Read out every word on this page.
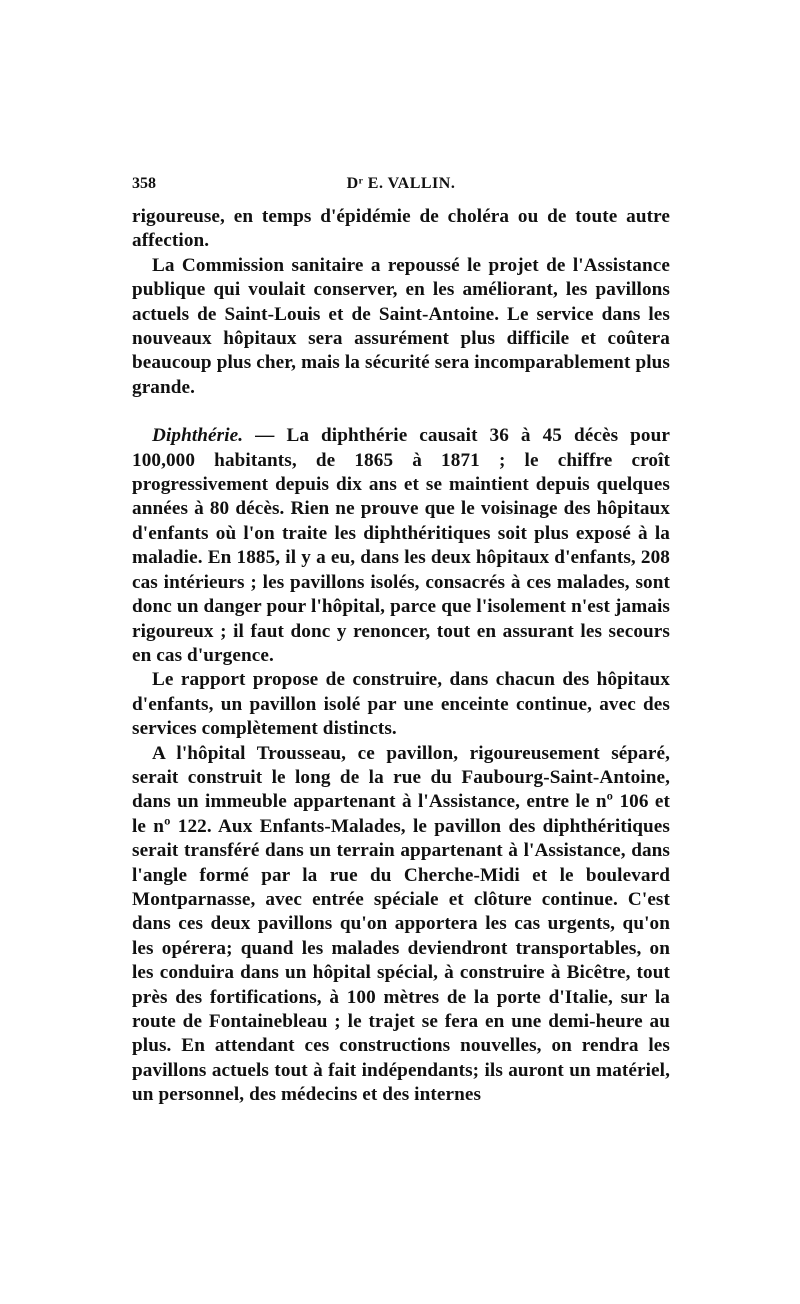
358	Dʳ E. VALLIN.

rigoureuse, en temps d'épidémie de choléra ou de toute autre affection.

La Commission sanitaire a repoussé le projet de l'Assistance publique qui voulait conserver, en les améliorant, les pavillons actuels de Saint-Louis et de Saint-Antoine. Le service dans les nouveaux hôpitaux sera assurément plus difficile et coûtera beaucoup plus cher, mais la sécurité sera incomparablement plus grande.

Diphthérie. — La diphthérie causait 36 à 45 décès pour 100,000 habitants, de 1865 à 1871 ; le chiffre croît progressivement depuis dix ans et se maintient depuis quelques années à 80 décès. Rien ne prouve que le voisinage des hôpitaux d'enfants où l'on traite les diphthéritiques soit plus exposé à la maladie. En 1885, il y a eu, dans les deux hôpitaux d'enfants, 208 cas intérieurs ; les pavillons isolés, consacrés à ces malades, sont donc un danger pour l'hôpital, parce que l'isolement n'est jamais rigoureux ; il faut donc y renoncer, tout en assurant les secours en cas d'urgence.

Le rapport propose de construire, dans chacun des hôpitaux d'enfants, un pavillon isolé par une enceinte continue, avec des services complètement distincts.

A l'hôpital Trousseau, ce pavillon, rigoureusement séparé, serait construit le long de la rue du Faubourg-Saint-Antoine, dans un immeuble appartenant à l'Assistance, entre le nº 106 et le nº 122. Aux Enfants-Malades, le pavillon des diphthéritiques serait transféré dans un terrain appartenant à l'Assistance, dans l'angle formé par la rue du Cherche-Midi et le boulevard Montparnasse, avec entrée spéciale et clôture continue. C'est dans ces deux pavillons qu'on apportera les cas urgents, qu'on les opérera; quand les malades deviendront transportables, on les conduira dans un hôpital spécial, à construire à Bicêtre, tout près des fortifications, à 100 mètres de la porte d'Italie, sur la route de Fontainebleau ; le trajet se fera en une demi-heure au plus. En attendant ces constructions nouvelles, on rendra les pavillons actuels tout à fait indépendants; ils auront un matériel, un personnel, des médecins et des internes
